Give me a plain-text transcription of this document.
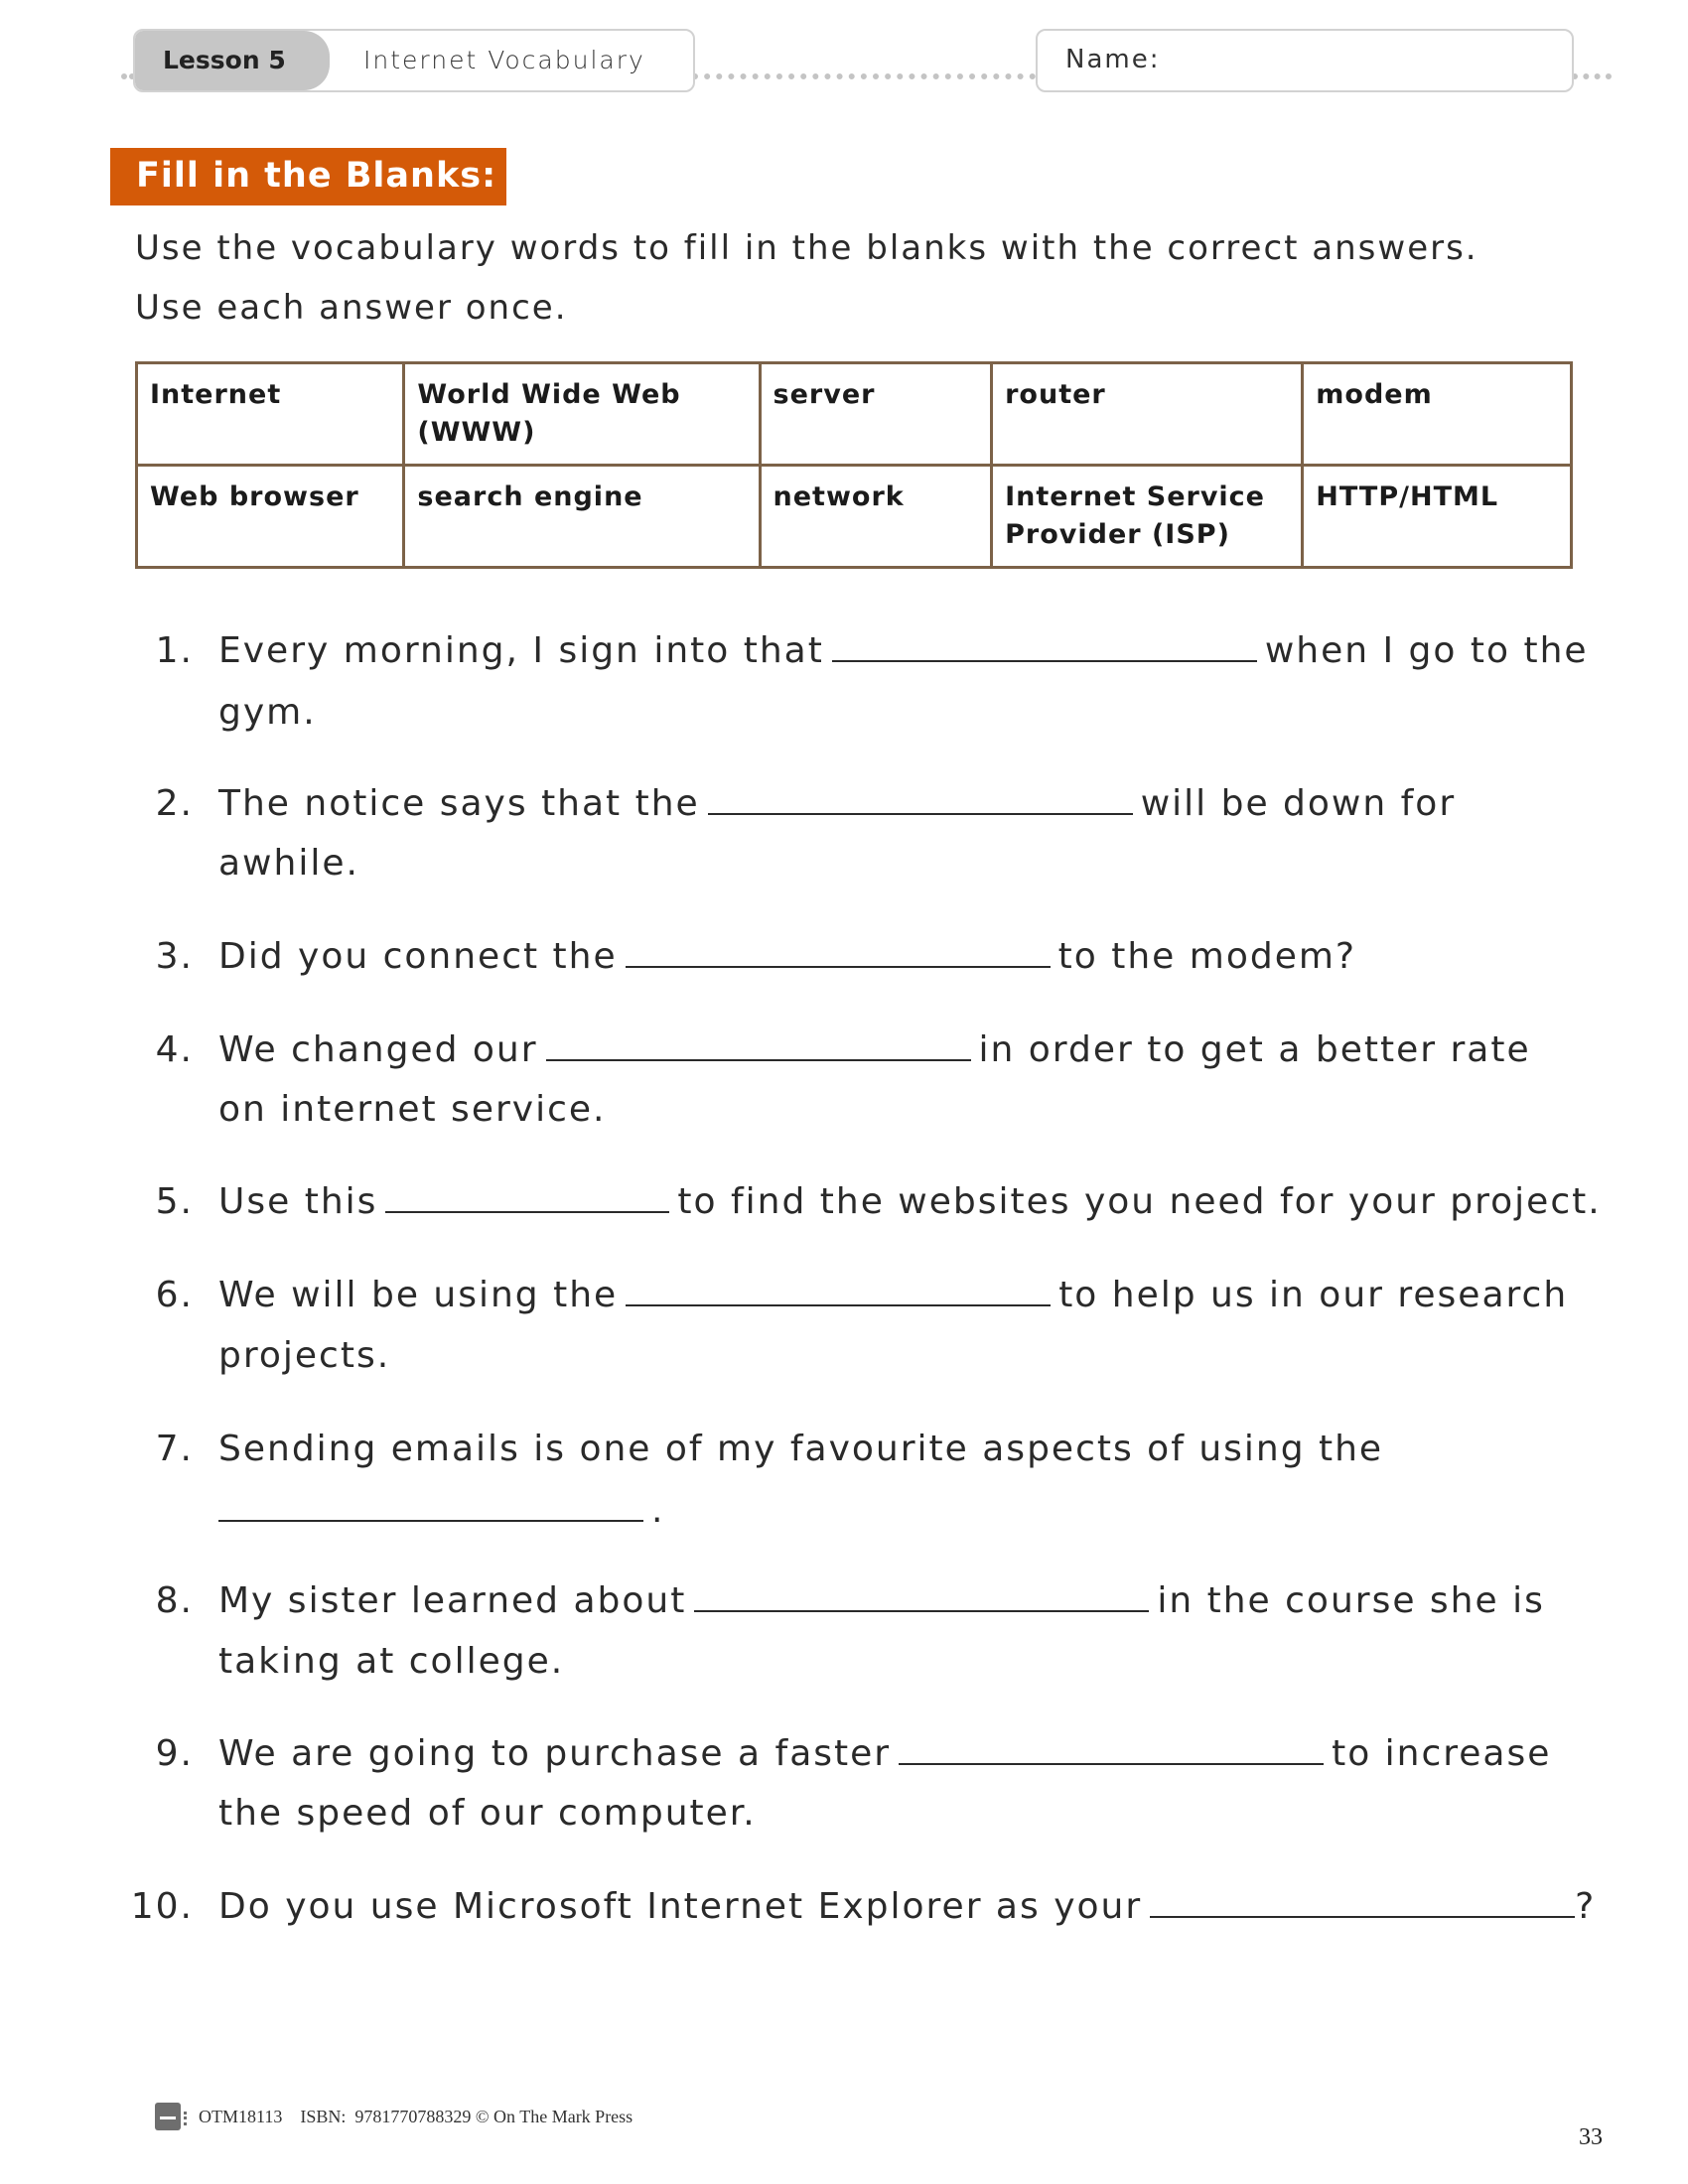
Lesson 5	Internet Vocabulary	Name:
Fill in the Blanks:
Use the vocabulary words to fill in the blanks with the correct answers.
Use each answer once.
Internet	World Wide Web (WWW)	server	router	modem
Web browser	search engine	network	Internet Service Provider (ISP)	HTTP/HTML
1. Every morning, I sign into that	when I go to the
gym.
2. The notice says that the	will be down for
awhile.
3. Did you connect the	to the modem?
4. We changed our	in order to get a better rate
on internet service.
5. Use this	to find the websites you need for your project.
6. We will be using the	to help us in our research
projects.
7. Sending emails is one of my favourite aspects of using the
.
8. My sister learned about	in the course she is
taking at college.
9. We are going to purchase a faster	to increase
the speed of our computer.
10. Do you use Microsoft Internet Explorer as your	?
OTM18113 ISBN: 9781770788329 © On The Mark Press
33
